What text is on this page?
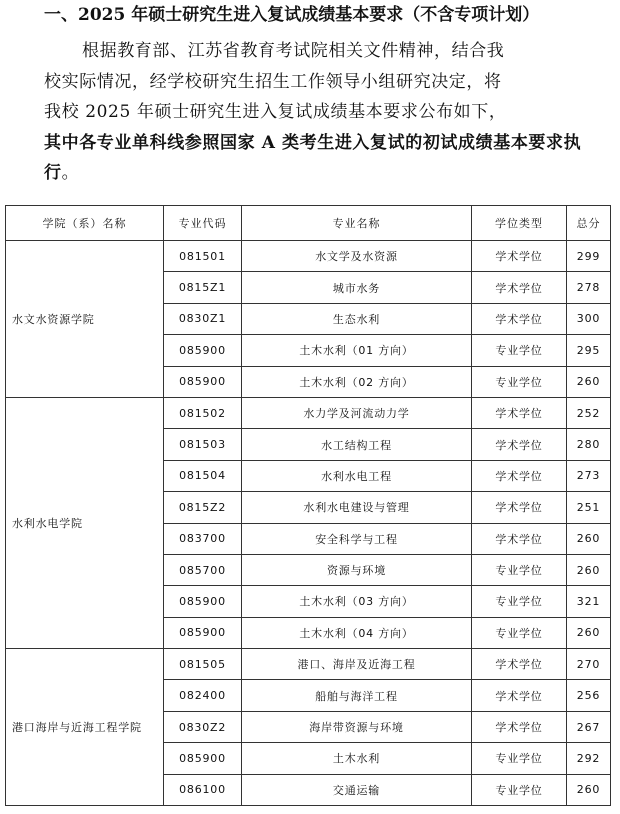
一、2025 年硕士研究生进入复试成绩基本要求（不含专项计划）

根据教育部、江苏省教育考试院相关文件精神，结合我
校实际情况，经学校研究生招生工作领导小组研究决定，将
我校 2025 年硕士研究生进入复试成绩基本要求公布如下，
其中各专业单科线参照国家 A 类考生进入复试的初试成绩基本要求执行。

学院（系）名称	专业代码	专业名称	学位类型	总分
水文水资源学院	081501	水文学及水资源	学术学位	299
	0815Z1	城市水务	学术学位	278
	0830Z1	生态水利	学术学位	300
	085900	土木水利（01 方向）	专业学位	295
	085900	土木水利（02 方向）	专业学位	260
水利水电学院	081502	水力学及河流动力学	学术学位	252
	081503	水工结构工程	学术学位	280
	081504	水利水电工程	学术学位	273
	0815Z2	水利水电建设与管理	学术学位	251
	083700	安全科学与工程	学术学位	260
	085700	资源与环境	专业学位	260
	085900	土木水利（03 方向）	专业学位	321
	085900	土木水利（04 方向）	专业学位	260
港口海岸与近海工程学院	081505	港口、海岸及近海工程	学术学位	270
	082400	船舶与海洋工程	学术学位	256
	0830Z2	海岸带资源与环境	学术学位	267
	085900	土木水利	专业学位	292
	086100	交通运输	专业学位	260
